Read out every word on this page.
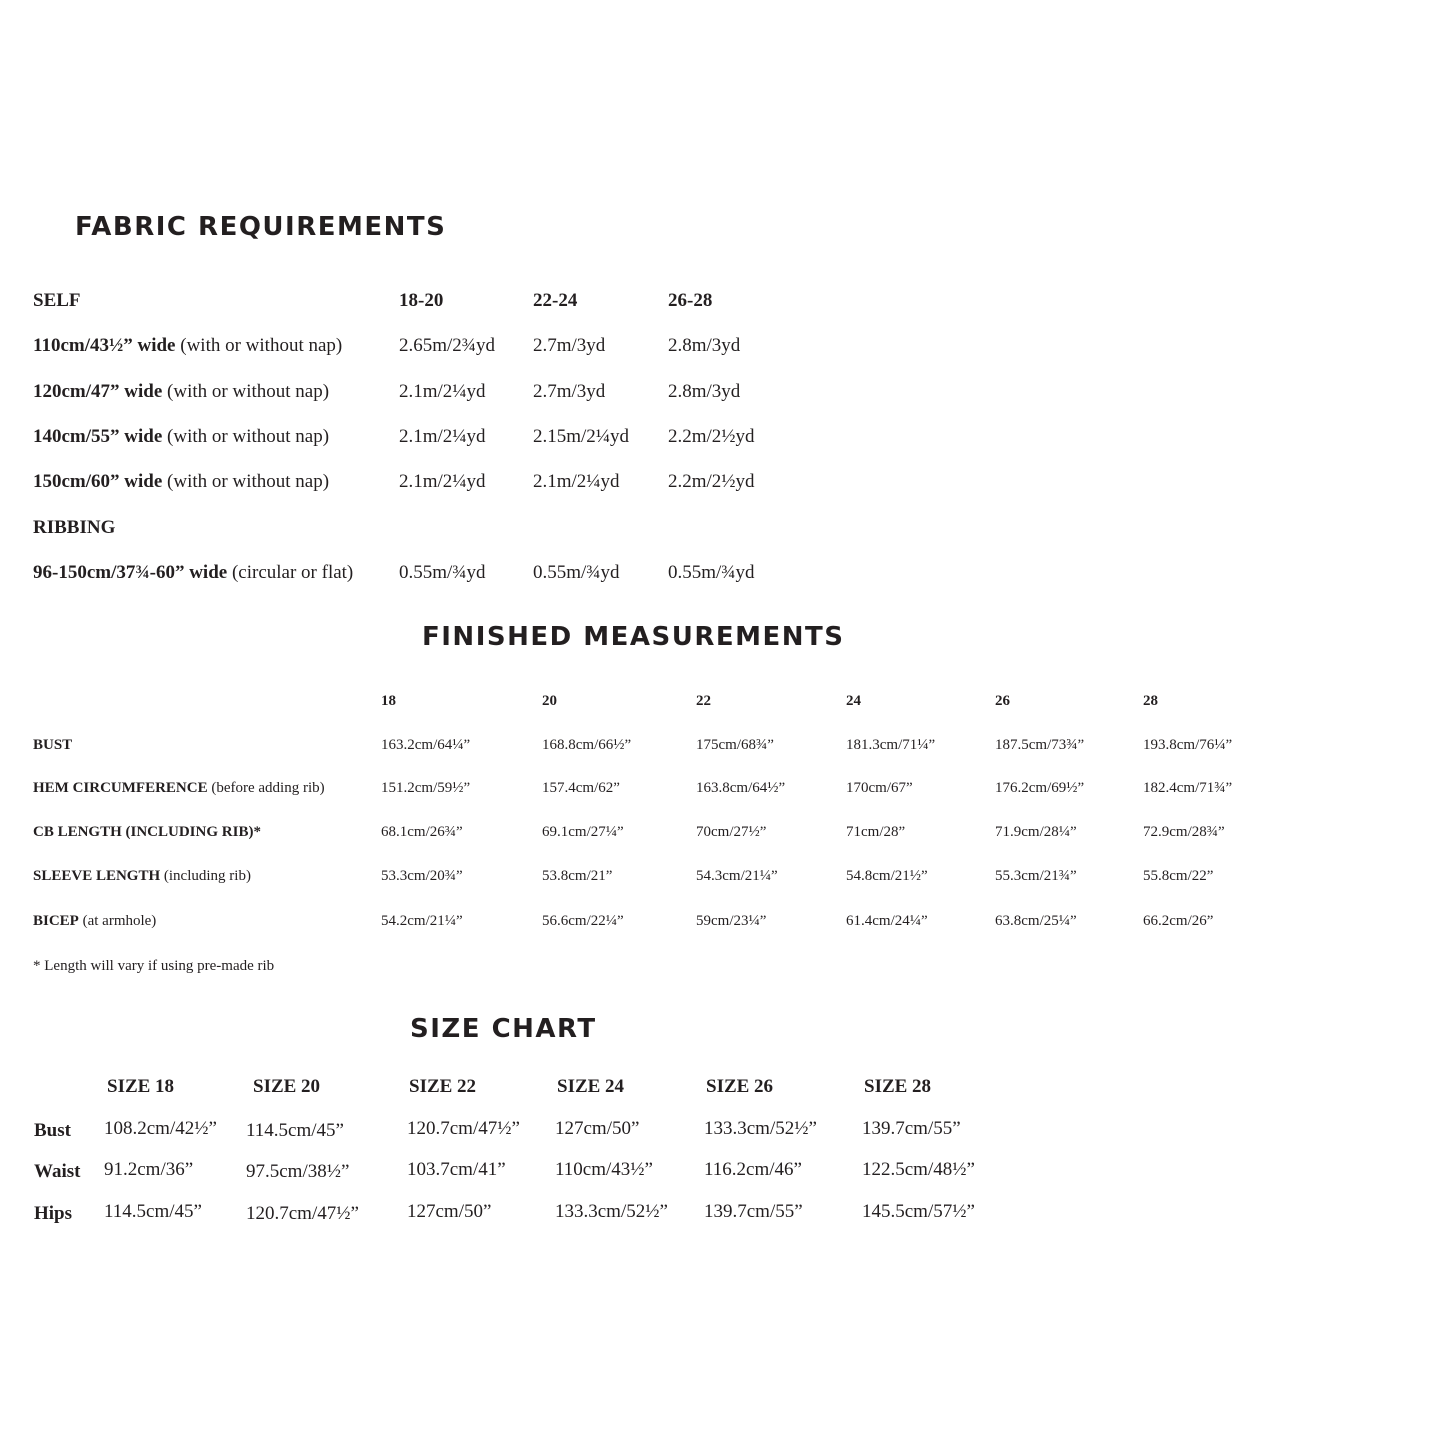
FABRIC REQUIREMENTS
SELF	18-20	22-24	26-28
110cm/43½” wide (with or without nap)	2.65m/2¾yd 2.7m/3yd	2.8m/3yd
120cm/47” wide (with or without nap)	2.1m/2¼yd 2.7m/3yd	2.8m/3yd
140cm/55” wide (with or without nap)	2.1m/2¼yd 2.15m/2¼yd 2.2m/2½yd
150cm/60” wide (with or without nap)	2.1m/2¼yd 2.1m/2¼yd	2.2m/2½yd
RIBBING
96-150cm/37¾-60” wide (circular or flat) 0.55m/¾yd 0.55m/¾yd	0.55m/¾yd
FINISHED MEASUREMENTS
18	20	22	24	26	28
BUST	163.2cm/64¼”	168.8cm/66½”	175cm/68¾”	181.3cm/71¼”	187.5cm/73¾”	193.8cm/76¼”
HEM CIRCUMFERENCE (before adding rib)	151.2cm/59½”	157.4cm/62”	163.8cm/64½”	170cm/67”	176.2cm/69½”	182.4cm/71¾”
CB LENGTH (INCLUDING RIB)*	68.1cm/26¾”	69.1cm/27¼”	70cm/27½”	71cm/28”	71.9cm/28¼”	72.9cm/28¾”
SLEEVE LENGTH (including rib)	53.3cm/20¾”	53.8cm/21”	54.3cm/21¼”	54.8cm/21½”	55.3cm/21¾”	55.8cm/22”
BICEP (at armhole)	54.2cm/21¼”	56.6cm/22¼”	59cm/23¼”	61.4cm/24¼”	63.8cm/25¼”	66.2cm/26”
* Length will vary if using pre-made rib
SIZE CHART
SIZE 18	SIZE 20	SIZE 22	SIZE 24	SIZE 26	SIZE 28
Bust 108.2cm/42½” 114.5cm/45”	120.7cm/47½” 127cm/50”	133.3cm/52½” 139.7cm/55”
Waist 91.2cm/36”	97.5cm/38½”	103.7cm/41”	110cm/43½”	116.2cm/46”	122.5cm/48½”
Hips 114.5cm/45” 120.7cm/47½”	127cm/50”	133.3cm/52½” 139.7cm/55”	145.5cm/57½”
